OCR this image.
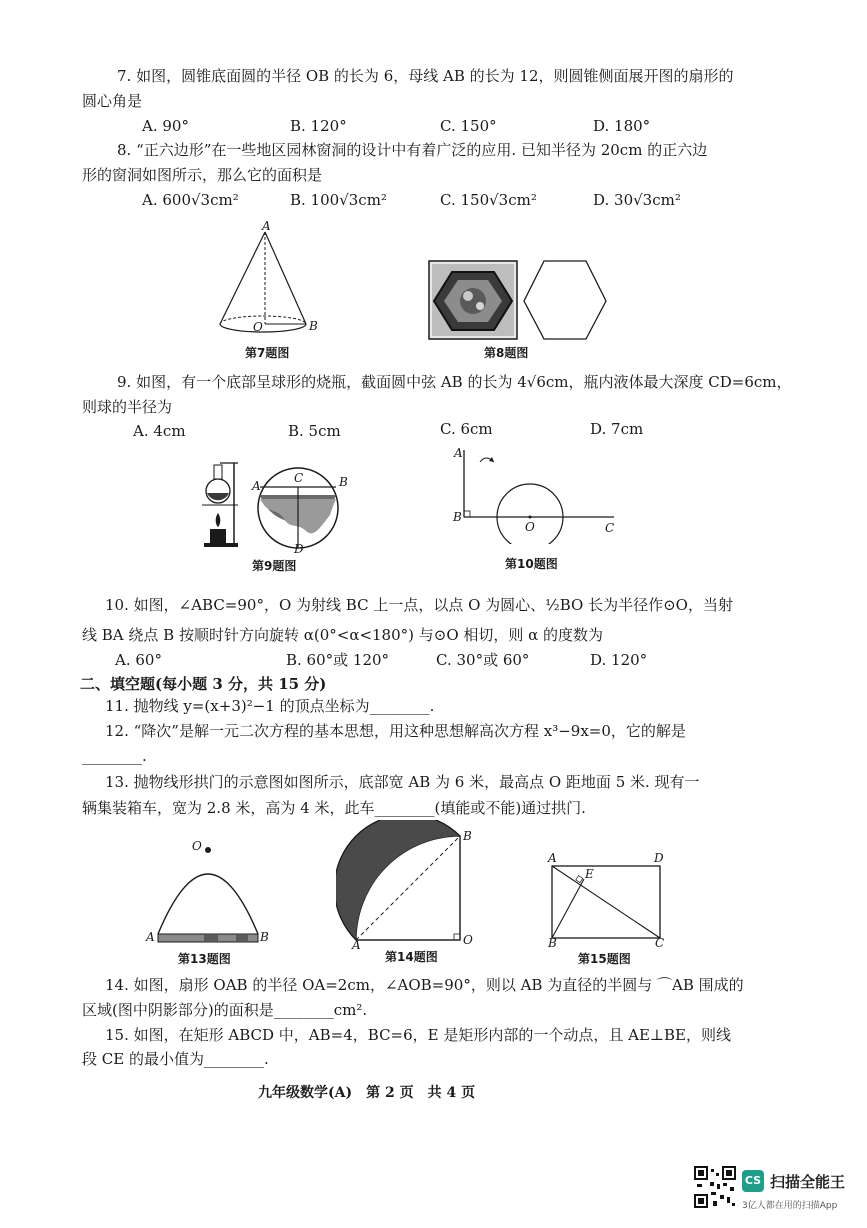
7. 如图，圆锥底面圆的半径 OB 的长为 6，母线 AB 的长为 12，则圆锥侧面展开图的扇形的
圆心角是
A. 90°	B. 120°	C. 150°	D. 180°
8. “正六边形”在一些地区园林窗洞的设计中有着广泛的应用. 已知半径为 20cm 的正六边
形的窗洞如图所示，那么它的面积是
A. 600√3cm²	B. 100√3cm²	C. 150√3cm²	D. 30√3cm²
A
O	B
第7题图	第8题图
9. 如图，有一个底部呈球形的烧瓶，截面圆中弦 AB 的长为 4√6cm，瓶内液体最大深度 CD=6cm，
则球的半径为
A. 4cm	B. 5cm	C. 6cm	D. 7cm
A
C	B
D
第9题图
A
B
O	C
第10题图
10. 如图，∠ABC=90°，O 为射线 BC 上一点，以点 O 为圆心、½BO 长为半径作⊙O，当射
线 BA 绕点 B 按顺时针方向旋转 α(0°<α<180°) 与⊙O 相切，则 α 的度数为
A. 60°	B. 60°或 120°	C. 30°或 60°	D. 120°
二、填空题(每小题 3 分，共 15 分)
11. 抛物线 y=(x+3)²−1 的顶点坐标为________.
12. “降次”是解一元二次方程的基本思想，用这种思想解高次方程 x³−9x=0，它的解是
________.
13. 抛物线形拱门的示意图如图所示，底部宽 AB 为 6 米，最高点 O 距地面 5 米. 现有一
辆集装箱车，宽为 2.8 米，高为 4 米，此车________(填能或不能)通过拱门.
O
A	B
第13题图
B
A	O
第14题图
A	D
E
B	C
第15题图
14. 如图，扇形 OAB 的半径 OA=2cm，∠AOB=90°，则以 AB 为直径的半圆与 ⌒AB 围成的
区域(图中阴影部分)的面积是________cm².
15. 如图，在矩形 ABCD 中，AB=4，BC=6，E 是矩形内部的一个动点，且 AE⊥BE，则线
段 CE 的最小值为________.
九年级数学(A)　第 2 页　共 4 页
CS 扫描全能王
3亿人都在用的扫描App
